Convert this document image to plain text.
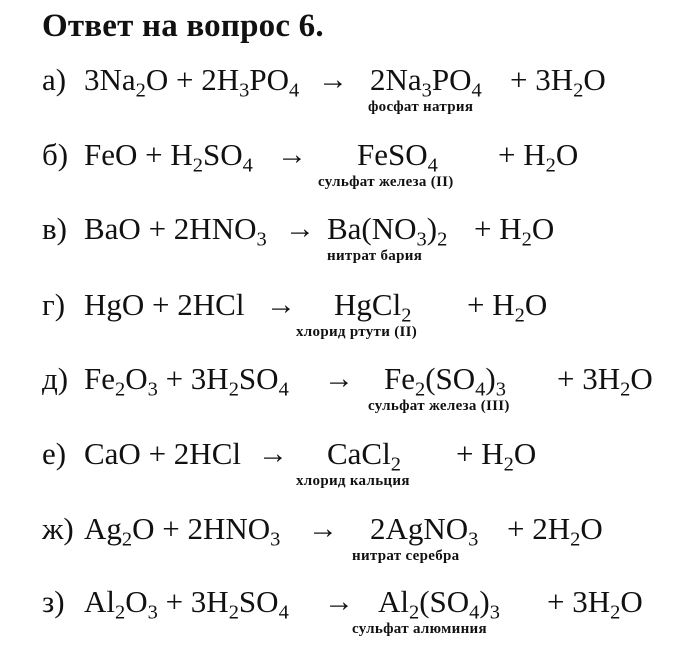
Ответ на вопрос 6.
а) $3Na_2O + 2H_3PO_4 \to 2Na_3PO_4 + 3H_2O$
фосфат натрия
б) FeO + $H_2SO_4$ → FeSO$_4$ + $H_2O$
сульфат железа (II)
в) BaO + $2HNO_3 \to Ba(NO_3)_2 + H_2O$
нитрат бария
г) HgO + 2HCl → HgCl$_2$ + $H_2O$
хлорид ртути (II)
д) $Fe_2O_3 + 3H_2SO_4 \to Fe_2(SO_4)_3 + 3H_2O$
сульфат железа (III)
е) CaO + 2HCl → CaCl$_2$ + $H_2O$
хлорид кальция
ж) $Ag_2O + 2HNO_3$ → 2AgNO$_3$ + $2H_2O$
нитрат серебра
з) $Al_2O_3 + 3H_2SO_4 \to Al_2(SO_4)_3 + 3H_2O$
сульфат алюминия
